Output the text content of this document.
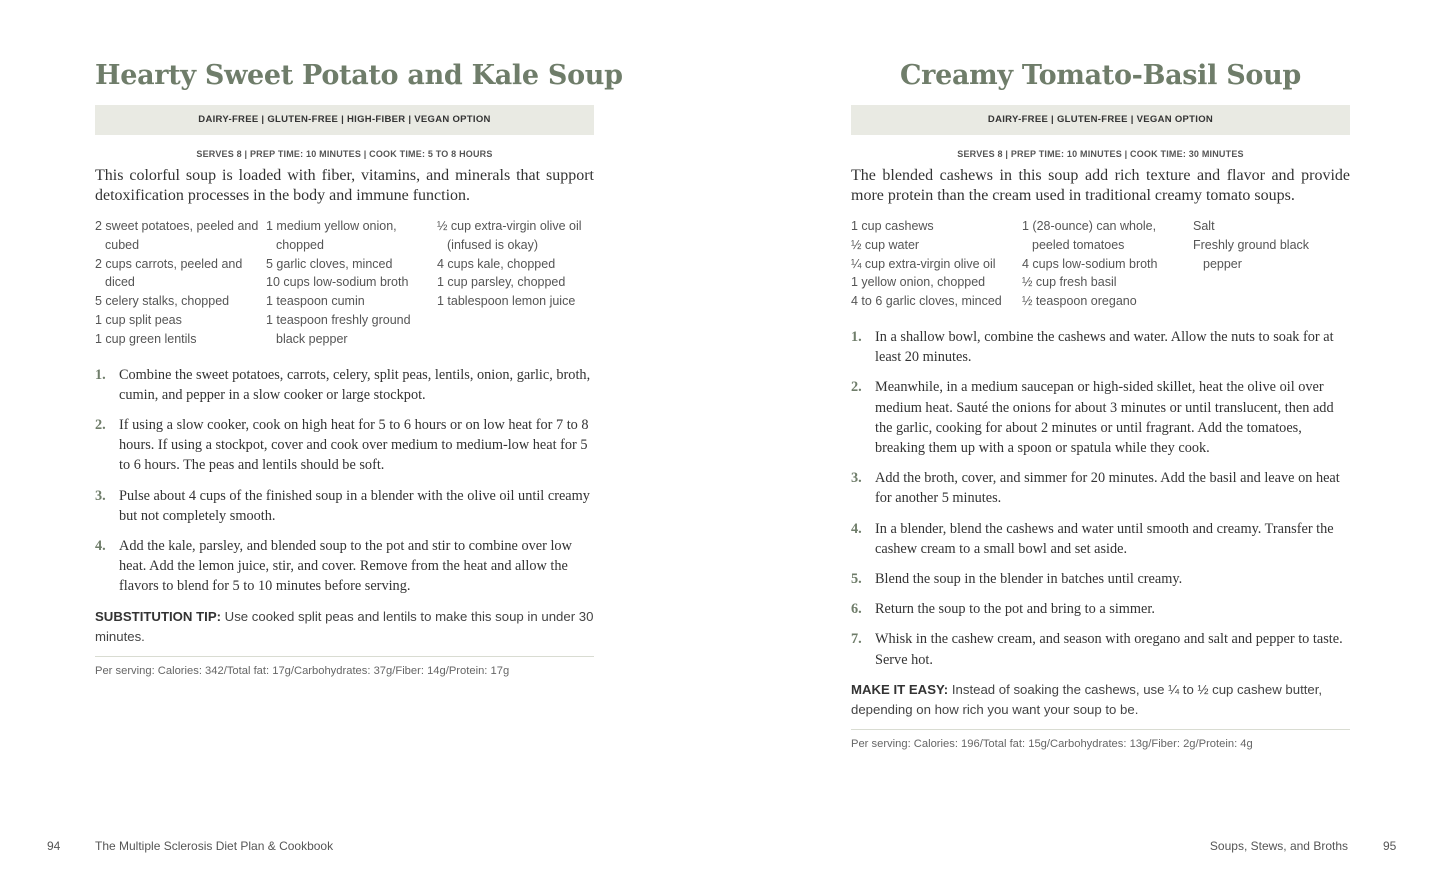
Hearty Sweet Potato and Kale Soup
DAIRY-FREE | GLUTEN-FREE | HIGH-FIBER | VEGAN OPTION
SERVES 8 | PREP TIME: 10 MINUTES | COOK TIME: 5 TO 8 HOURS

This colorful soup is loaded with fiber, vitamins, and minerals that support detoxification processes in the body and immune function.

2 sweet potatoes, peeled and cubed
2 cups carrots, peeled and diced
5 celery stalks, chopped
1 cup split peas
1 cup green lentils
1 medium yellow onion, chopped
5 garlic cloves, minced
10 cups low-sodium broth
1 teaspoon cumin
1 teaspoon freshly ground black pepper
½ cup extra-virgin olive oil (infused is okay)
4 cups kale, chopped
1 cup parsley, chopped
1 tablespoon lemon juice
1. Combine the sweet potatoes, carrots, celery, split peas, lentils, onion, garlic, broth, cumin, and pepper in a slow cooker or large stockpot.
2. If using a slow cooker, cook on high heat for 5 to 6 hours or on low heat for 7 to 8 hours. If using a stockpot, cover and cook over medium to medium-low heat for 5 to 6 hours. The peas and lentils should be soft.
3. Pulse about 4 cups of the finished soup in a blender with the olive oil until creamy but not completely smooth.
4. Add the kale, parsley, and blended soup to the pot and stir to combine over low heat. Add the lemon juice, stir, and cover. Remove from the heat and allow the flavors to blend for 5 to 10 minutes before serving.

SUBSTITUTION TIP: Use cooked split peas and lentils to make this soup in under 30 minutes.

Per serving: Calories: 342/Total fat: 17g/Carbohydrates: 37g/Fiber: 14g/Protein: 17g

Creamy Tomato-Basil Soup
DAIRY-FREE | GLUTEN-FREE | VEGAN OPTION
SERVES 8 | PREP TIME: 10 MINUTES | COOK TIME: 30 MINUTES

The blended cashews in this soup add rich texture and flavor and provide more protein than the cream used in traditional creamy tomato soups.

1 cup cashews
½ cup water
¼ cup extra-virgin olive oil
1 yellow onion, chopped
4 to 6 garlic cloves, minced
1 (28-ounce) can whole, peeled tomatoes
4 cups low-sodium broth
½ cup fresh basil
½ teaspoon oregano
Salt
Freshly ground black pepper
1. In a shallow bowl, combine the cashews and water. Allow the nuts to soak for at least 20 minutes.
2. Meanwhile, in a medium saucepan or high-sided skillet, heat the olive oil over medium heat. Sauté the onions for about 3 minutes or until translucent, then add the garlic, cooking for about 2 minutes or until fragrant. Add the tomatoes, breaking them up with a spoon or spatula while they cook.
3. Add the broth, cover, and simmer for 20 minutes. Add the basil and leave on heat for another 5 minutes.
4. In a blender, blend the cashews and water until smooth and creamy. Transfer the cashew cream to a small bowl and set aside.
5. Blend the soup in the blender in batches until creamy.
6. Return the soup to the pot and bring to a simmer.
7. Whisk in the cashew cream, and season with oregano and salt and pepper to taste. Serve hot.

MAKE IT EASY: Instead of soaking the cashews, use ¼ to ½ cup cashew butter, depending on how rich you want your soup to be.

Per serving: Calories: 196/Total fat: 15g/Carbohydrates: 13g/Fiber: 2g/Protein: 4g

94	The Multiple Sclerosis Diet Plan & Cookbook	Soups, Stews, and Broths	95
